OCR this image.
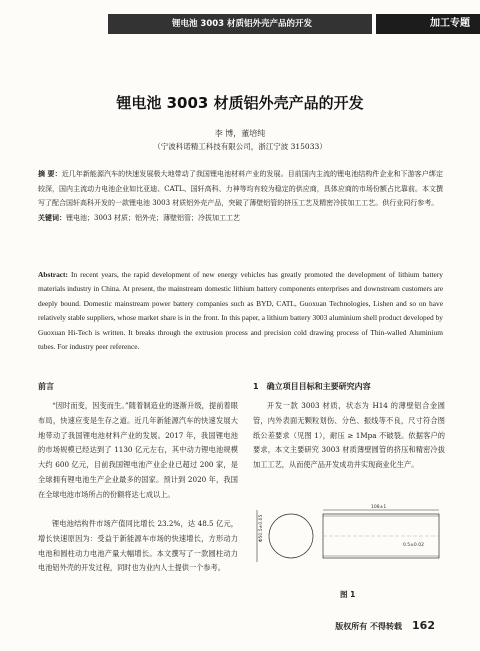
锂电池 3003 材质铝外壳产品的开发	加工专题
锂电池 3003 材质铝外壳产品的开发
李 博，董培纯
（宁波科诺精工科技有限公司，浙江宁波 315033）
摘 要：近几年新能源汽车的快速发展极大地带动了我国锂电池材料产业的发展。目前国内主流的锂电池结构件企业和下游客户绑定较深，国内主流动力电池企业如比亚迪、CATL、国轩高科、力神等均有较为稳定的供应商，具体应商的市场份额占比靠前。本文撰写了配合国轩高科开发的一款锂电池 3003 材质铝外壳产品，突破了薄壁铝管的挤压工艺及精密冷拔加工工艺。供行业同行参考。
关键词：锂电池；3003 材质；铝外壳；薄壁铝管；冷拔加工工艺
Abstract: In recent years, the rapid development of new energy vehicles has greatly promoted the development of lithium battery materials industry in China. At present, the mainstream domestic lithium battery components enterprises and downstream customers are deeply bound. Domestic mainstream power battery companies such as BYD, CATL, Guoxuan Technologies, Lishen and so on have relatively stable suppliers, whose market share is in the front. In this paper, a lithium battery 3003 aluminium shell product developed by Guoxuan Hi-Tech is written. It breaks through the extrusion process and precision cold drawing process of Thin-walled Aluminium tubes. For industry peer reference.
前言
“因时而变，因变而生。”随着制造业的逐渐升级，提前着眼布局，快速应变是生存之道。近几年新能源汽车的快速发展大地带动了我国锂电池材料产业的发展。2017 年，我国锂电池的市场规模已经达到了 1130 亿元左右，其中动力锂电池规模大约 600 亿元，目前我国锂电池产业企业已超过 200 家，是全球拥有锂电池生产企业最多的国家。预计到 2020 年，我国在全球电池市场所占的份额将达七成以上。
锂电池结构件市场产值同比增长 23.2%，达 48.5 亿元，增长快速原因为：受益于新能源车市场的快速增长，方形动力电池和圆柱动力电池产量大幅增长。本文撰写了一款圆柱动力电池铝外壳的开发过程，同时也为业内人士提供一个参考。
1　确立项目目标和主要研究内容
开发一款 3003 材质，状态为 H14 的薄壁铝合金圆管，内外表面无颗粒划伤、分色、振线等不良，尺寸符合图纸公差要求（见图 1），耐压 ≥ 1Mpa 不破裂。依据客户的要求，本文主要研究 3003 材质薄壁圆管的挤压和精密冷拔加工工艺，从而使产品开发成功并实现商业化生产。
Φ50.5±0.05
108±1
0.5±0.02
图 1
版权所有 不得转载 162
